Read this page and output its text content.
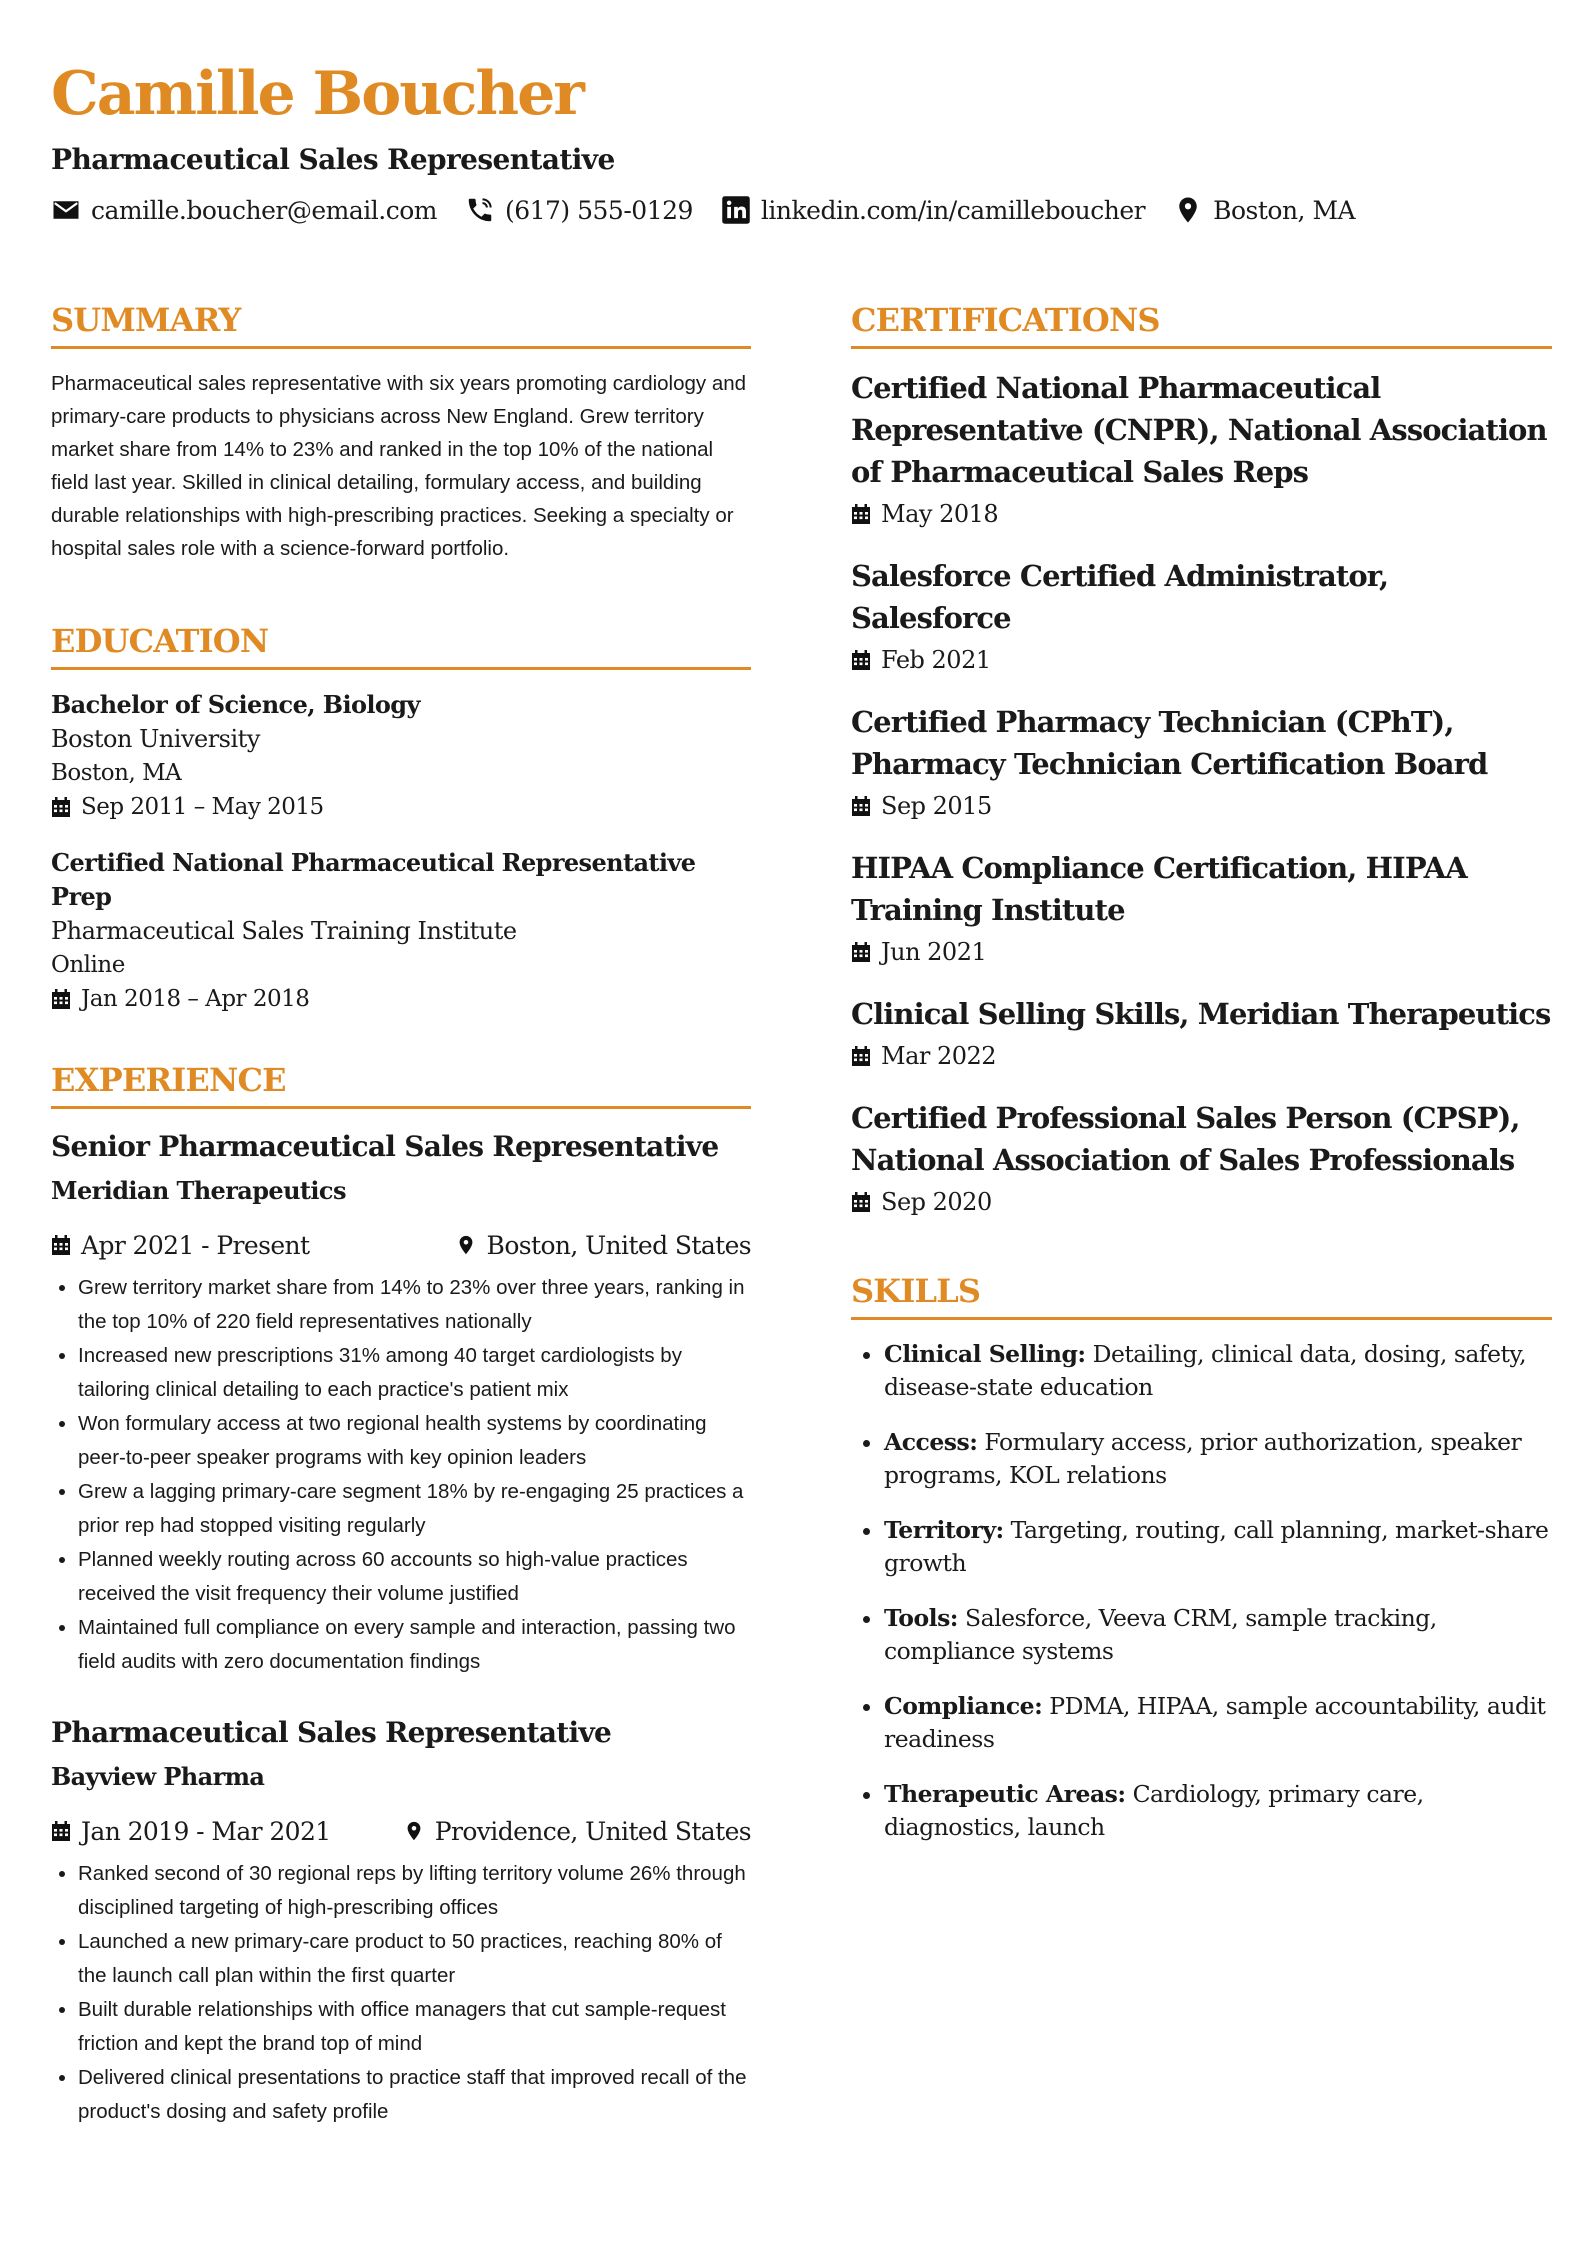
Camille Boucher
Pharmaceutical Sales Representative
camille.boucher@email.com	(617) 555-0129	linkedin.com/in/camilleboucher	Boston, MA
SUMMARY
Pharmaceutical sales representative with six years promoting cardiology and primary-care products to physicians across New England. Grew territory market share from 14% to 23% and ranked in the top 10% of the national field last year. Skilled in clinical detailing, formulary access, and building durable relationships with high-prescribing practices. Seeking a specialty or hospital sales role with a science-forward portfolio.
EDUCATION
Bachelor of Science, Biology
Boston University
Boston, MA
Sep 2011 – May 2015
Certified National Pharmaceutical Representative Prep
Pharmaceutical Sales Training Institute
Online
Jan 2018 – Apr 2018
EXPERIENCE
Senior Pharmaceutical Sales Representative
Meridian Therapeutics
Apr 2021 - Present	Boston, United States
• Grew territory market share from 14% to 23% over three years, ranking in the top 10% of 220 field representatives nationally
• Increased new prescriptions 31% among 40 target cardiologists by tailoring clinical detailing to each practice's patient mix
• Won formulary access at two regional health systems by coordinating peer-to-peer speaker programs with key opinion leaders
• Grew a lagging primary-care segment 18% by re-engaging 25 practices a prior rep had stopped visiting regularly
• Planned weekly routing across 60 accounts so high-value practices received the visit frequency their volume justified
• Maintained full compliance on every sample and interaction, passing two field audits with zero documentation findings
Pharmaceutical Sales Representative
Bayview Pharma
Jan 2019 - Mar 2021	Providence, United States
• Ranked second of 30 regional reps by lifting territory volume 26% through disciplined targeting of high-prescribing offices
• Launched a new primary-care product to 50 practices, reaching 80% of the launch call plan within the first quarter
• Built durable relationships with office managers that cut sample-request friction and kept the brand top of mind
• Delivered clinical presentations to practice staff that improved recall of the product's dosing and safety profile
CERTIFICATIONS
Certified National Pharmaceutical Representative (CNPR), National Association of Pharmaceutical Sales Reps
May 2018
Salesforce Certified Administrator, Salesforce
Feb 2021
Certified Pharmacy Technician (CPhT), Pharmacy Technician Certification Board
Sep 2015
HIPAA Compliance Certification, HIPAA Training Institute
Jun 2021
Clinical Selling Skills, Meridian Therapeutics
Mar 2022
Certified Professional Sales Person (CPSP), National Association of Sales Professionals
Sep 2020
SKILLS
• Clinical Selling: Detailing, clinical data, dosing, safety, disease-state education
• Access: Formulary access, prior authorization, speaker programs, KOL relations
• Territory: Targeting, routing, call planning, market-share growth
• Tools: Salesforce, Veeva CRM, sample tracking, compliance systems
• Compliance: PDMA, HIPAA, sample accountability, audit readiness
• Therapeutic Areas: Cardiology, primary care, diagnostics, launch
